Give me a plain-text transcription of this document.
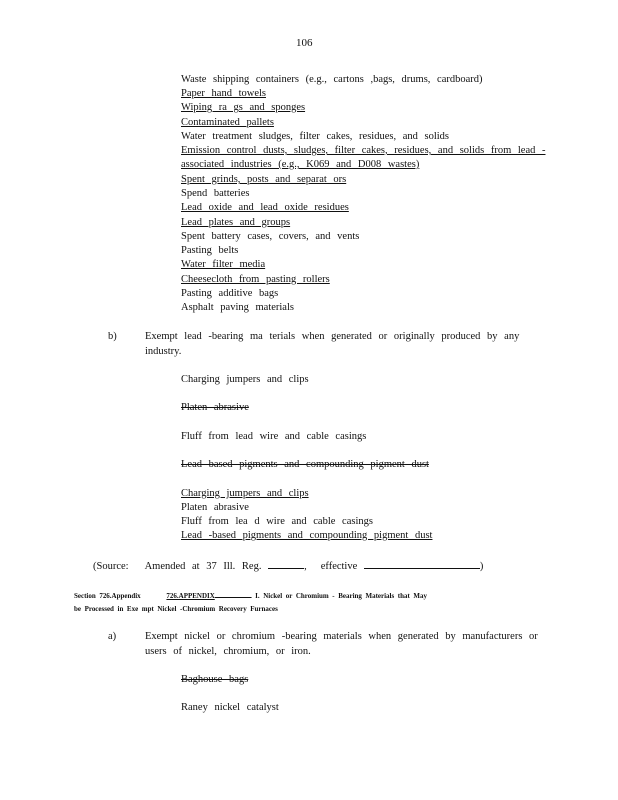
106
Waste shipping containers (e.g., cartons ,bags, drums, cardboard)
Paper hand towels
Wiping ra gs and sponges
Contaminated pallets
Water treatment sludges, filter cakes, residues, and solids
Emission control dusts, sludges, filter cakes, residues, and solids from lead -
associated industries (e.g., K069 and D008 wastes)
Spent grinds, posts and separat ors
Spend batteries
Lead oxide and lead oxide residues
Lead plates and groups
Spent battery cases, covers, and vents
Pasting belts
Water filter media
Cheesecloth from pasting rollers
Pasting additive bags
Asphalt paving materials
b)	Exempt lead -bearing ma terials when generated or originally produced by any
industry.
Charging jumpers and clips
Platen abrasive
Fluff from lead wire and cable casings
Lead based pigments and compounding pigment dust
Charging jumpers and clips
Platen abrasive
Fluff from lea d wire and cable casings
Lead -based pigments and compounding pigment dust
(Source: Amended at 37 Ill. Reg.	, effective	)
Section 726.Appendix	726.APPENDIX	I. Nickel or Chromium - Bearing Materials that May
be Processed in Exe mpt Nickel -Chromium Recovery Furnaces
a)	Exempt nickel or chromium -bearing materials when generated by manufacturers or
users of nickel, chromium, or iron.
Baghouse bags
Raney nickel catalyst
